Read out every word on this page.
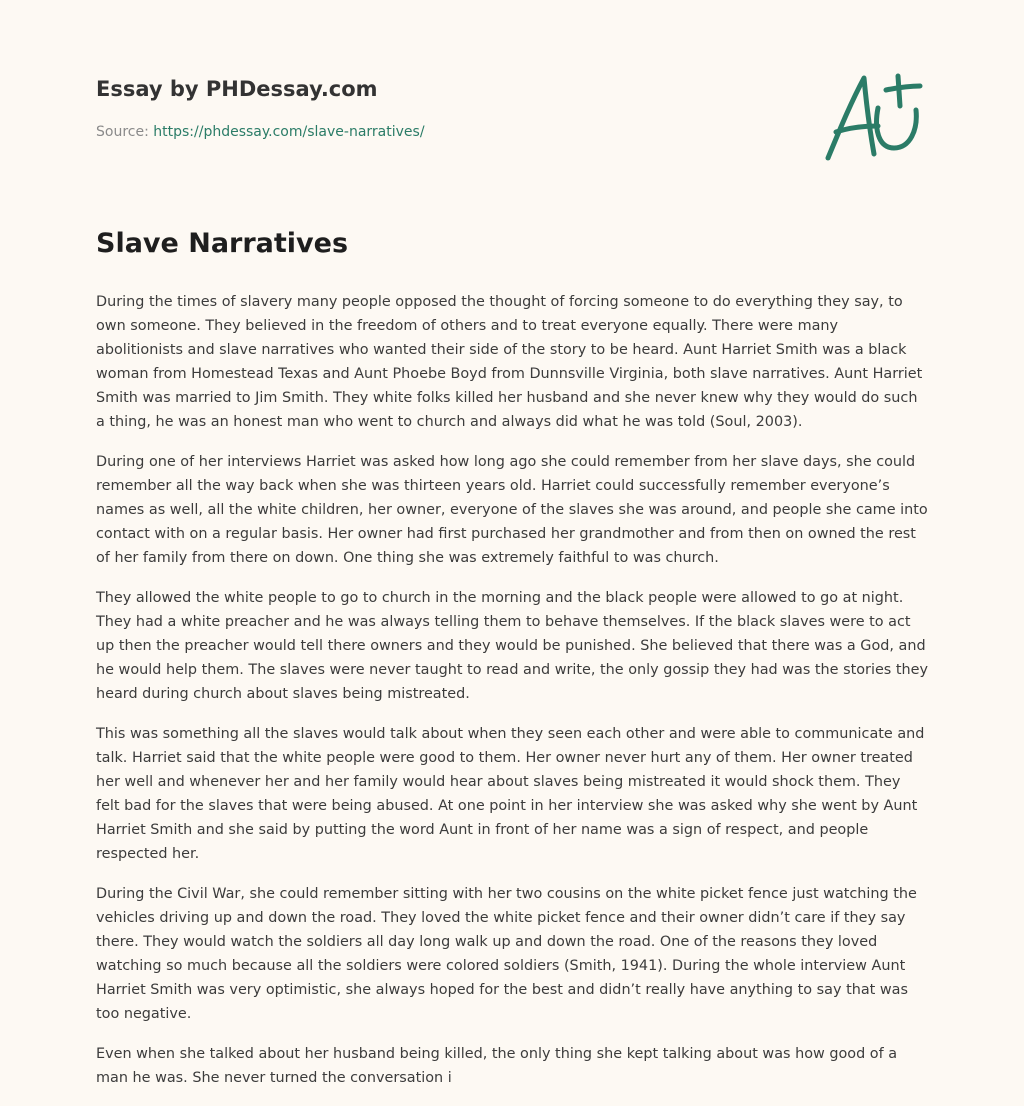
Essay by PHDessay.com
Source: https://phdessay.com/slave-narratives/
Slave Narratives

During the times of slavery many people opposed the thought of forcing someone to do everything they say, to own someone. They believed in the freedom of others and to treat everyone equally. There were many abolitionists and slave narratives who wanted their side of the story to be heard. Aunt Harriet Smith was a black woman from Homestead Texas and Aunt Phoebe Boyd from Dunnsville Virginia, both slave narratives. Aunt Harriet Smith was married to Jim Smith. They white folks killed her husband and she never knew why they would do such a thing, he was an honest man who went to church and always did what he was told (Soul, 2003).

During one of her interviews Harriet was asked how long ago she could remember from her slave days, she could remember all the way back when she was thirteen years old. Harriet could successfully remember everyone’s names as well, all the white children, her owner, everyone of the slaves she was around, and people she came into contact with on a regular basis. Her owner had first purchased her grandmother and from then on owned the rest of her family from there on down. One thing she was extremely faithful to was church.

They allowed the white people to go to church in the morning and the black people were allowed to go at night. They had a white preacher and he was always telling them to behave themselves. If the black slaves were to act up then the preacher would tell there owners and they would be punished. She believed that there was a God, and he would help them. The slaves were never taught to read and write, the only gossip they had was the stories they heard during church about slaves being mistreated.

This was something all the slaves would talk about when they seen each other and were able to communicate and talk. Harriet said that the white people were good to them. Her owner never hurt any of them. Her owner treated her well and whenever her and her family would hear about slaves being mistreated it would shock them. They felt bad for the slaves that were being abused. At one point in her interview she was asked why she went by Aunt Harriet Smith and she said by putting the word Aunt in front of her name was a sign of respect, and people respected her.

During the Civil War, she could remember sitting with her two cousins on the white picket fence just watching the vehicles driving up and down the road. They loved the white picket fence and their owner didn’t care if they say there. They would watch the soldiers all day long walk up and down the road. One of the reasons they loved watching so much because all the soldiers were colored soldiers (Smith, 1941). During the whole interview Aunt Harriet Smith was very optimistic, she always hoped for the best and didn’t really have anything to say that was too negative.

Even when she talked about her husband being killed, the only thing she kept talking about was how good of a man he was. She never turned the conversation i
